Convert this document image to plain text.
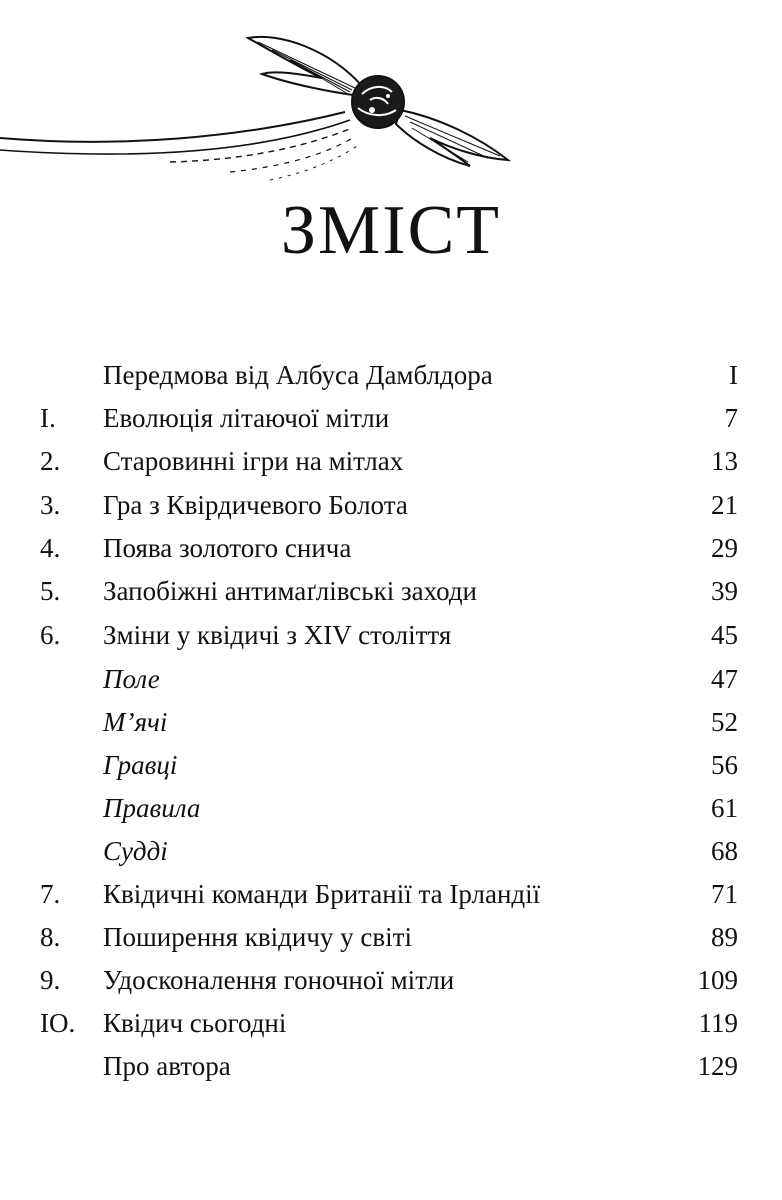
ЗМІСТ
Передмова від Албуса Дамблдора	I
I. Еволюція літаючої мітли	7
2. Старовинні ігри на мітлах	13
3. Гра з Квірдичевого Болота	21
4. Поява золотого снича	29
5. Запобіжні антимаґлівські заходи	39
6. Зміни у квідичі з XIV століття	45
Поле	47
М’ячі	52
Гравці	56
Правила	61
Судді	68
7. Квідичні команди Британії та Ірландії	71
8. Поширення квідичу у світі	89
9. Удосконалення гоночної мітли	109
IO. Квідич сьогодні	119
Про автора	129
